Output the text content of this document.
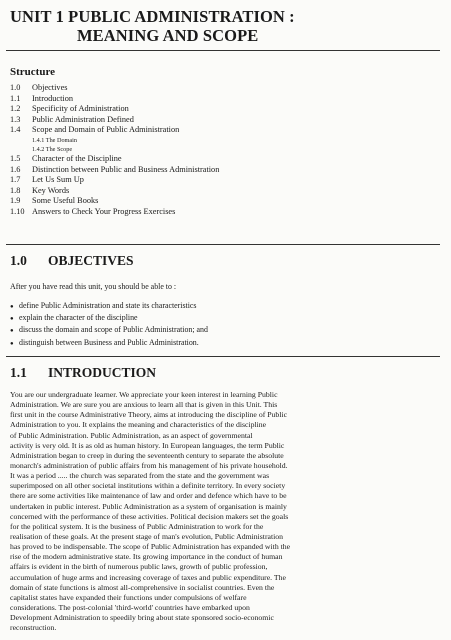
UNIT 1 PUBLIC ADMINISTRATION :
MEANING AND SCOPE
Structure
1.0 Objectives
1.1 Introduction
1.2 Specificity of Administration
1.3 Public Administration Defined
1.4 Scope and Domain of Public Administration
1.4.1 The Domain
1.4.2 The Scope
1.5 Character of the Discipline
1.6 Distinction between Public and Business Administration
1.7 Let Us Sum Up
1.8 Key Words
1.9 Some Useful Books
1.10 Answers to Check Your Progress Exercises
1.0 OBJECTIVES
After you have read this unit, you should be able to :
● define Public Administration and state its characteristics
● explain the character of the discipline
● discuss the domain and scope of Public Administration; and
● distinguish between Business and Public Administration.
1.1 INTRODUCTION
You are our undergraduate learner. We appreciate your keen interest in learning Public
Administration. We are sure you are anxious to learn all that is given in this Unit. This
first unit in the course Administrative Theory, aims at introducing the discipline of Public
Administration to you. It explains the meaning and characteristics of the discipline
of Public Administration. Public Administration, as an aspect of governmental
activity is very old. It is as old as human history. In European languages, the term Public
Administration began to creep in during the seventeenth century to separate the absolute
monarch's administration of public affairs from his management of his private household.
It was a period ..... the church was separated from the state and the government was
superimposed on all other societal institutions within a definite territory. In every society
there are some activities like maintenance of law and order and defence which have to be
undertaken in public interest. Public Administration as a system of organisation is mainly
concerned with the performance of these activities. Political decision makers set the goals
for the political system. It is the business of Public Administration to work for the
realisation of these goals. At the present stage of man's evolution, Public Administration
has proved to be indispensable. The scope of Public Administration has expanded with the
rise of the modern administrative state. Its growing importance in the conduct of human
affairs is evident in the birth of numerous public laws, growth of public profession,
accumulation of huge arms and increasing coverage of taxes and public expenditure. The
domain of state functions is almost all-comprehensive in socialist countries. Even the
capitalist states have expanded their functions under compulsions of welfare
considerations. The post-colonial 'third-world' countries have embarked upon
Development Administration to speedily bring about state sponsored socio-economic
reconstruction.
